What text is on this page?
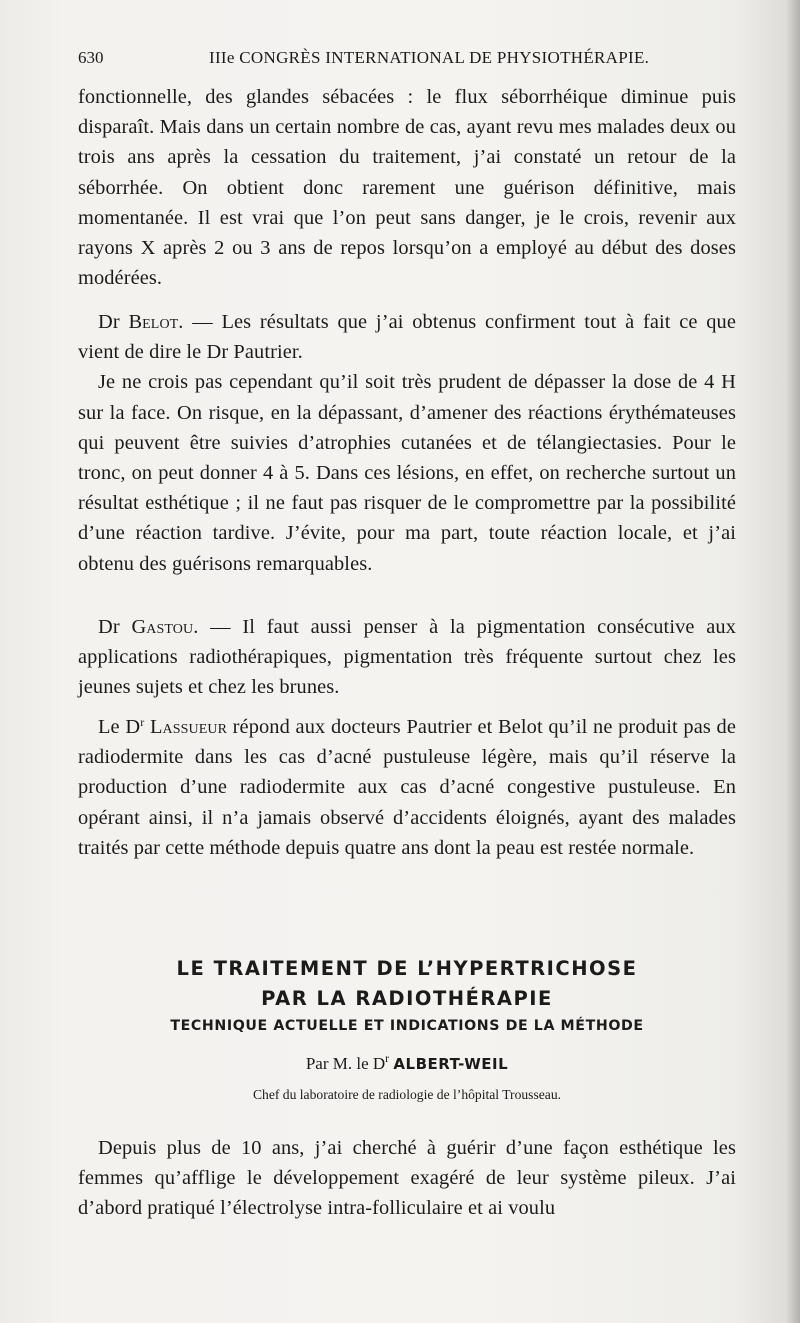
630	IIIe CONGRÈS INTERNATIONAL DE PHYSIOTHÉRAPIE.

fonctionnelle, des glandes sébacées : le flux séborrhéique diminue puis disparaît. Mais dans un certain nombre de cas, ayant revu mes malades deux ou trois ans après la cessation du traitement, j’ai constaté un retour de la séborrhée. On obtient donc rarement une guérison définitive, mais momentanée. Il est vrai que l’on peut sans danger, je le crois, revenir aux rayons X après 2 ou 3 ans de repos lorsqu’on a employé au début des doses modérées.

Dr Belot. — Les résultats que j’ai obtenus confirment tout à fait ce que vient de dire le Dr Pautrier.

Je ne crois pas cependant qu’il soit très prudent de dépasser la dose de 4 H sur la face. On risque, en la dépassant, d’amener des réactions érythémateuses qui peuvent être suivies d’atrophies cutanées et de télangiectasies. Pour le tronc, on peut donner 4 à 5. Dans ces lésions, en effet, on recherche surtout un résultat esthétique ; il ne faut pas risquer de le compromettre par la possibilité d’une réaction tardive. J’évite, pour ma part, toute réaction locale, et j’ai obtenu des guérisons remarquables.

Dr Gastou. — Il faut aussi penser à la pigmentation consécutive aux applications radiothérapiques, pigmentation très fréquente surtout chez les jeunes sujets et chez les brunes.

Le $D^r$ Lassueur répond aux docteurs Pautrier et Belot qu’il ne produit pas de radiodermite dans les cas d’acné pustuleuse légère, mais qu’il réserve la production d’une radiodermite aux cas d’acné congestive pustuleuse. En opérant ainsi, il n’a jamais observé d’accidents éloignés, ayant des malades traités par cette méthode depuis quatre ans dont la peau est restée normale.

LE TRAITEMENT DE L’HYPERTRICHOSE
PAR LA RADIOTHÉRAPIE
TECHNIQUE ACTUELLE ET INDICATIONS DE LA MÉTHODE
Par M. le $D^r$ ALBERT-WEIL
Chef du laboratoire de radiologie de l’hôpital Trousseau.

Depuis plus de 10 ans, j’ai cherché à guérir d’une façon esthétique les femmes qu’afflige le développement exagéré de leur système pileux. J’ai d’abord pratiqué l’électrolyse intra-folliculaire et ai voulu
